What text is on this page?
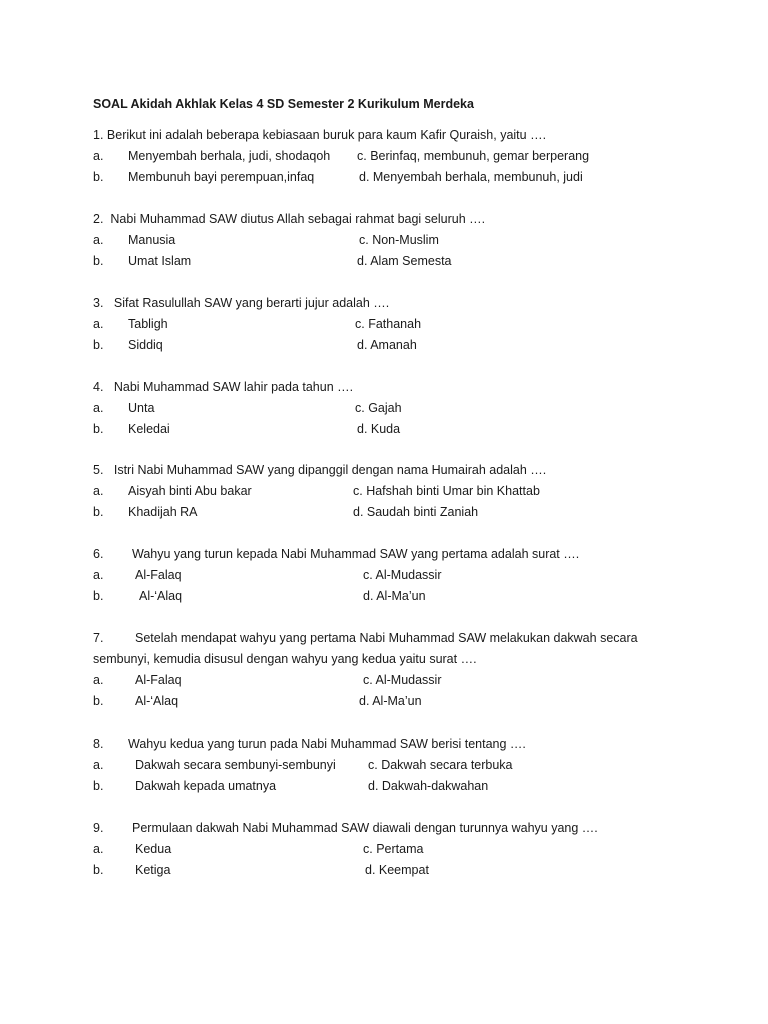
SOAL Akidah Akhlak Kelas 4 SD Semester 2 Kurikulum Merdeka
1. Berikut ini adalah beberapa kebiasaan buruk para kaum Kafir Quraish, yaitu ….
a. Menyembah berhala, judi, shodaqoh c. Berinfaq, membunuh, gemar berperang
b. Membunuh bayi perempuan,infaq	d. Menyembah berhala, membunuh, judi
2. Nabi Muhammad SAW diutus Allah sebagai rahmat bagi seluruh ….
a. Manusia	c. Non-Muslim
b. Umat Islam	d. Alam Semesta
3. Sifat Rasulullah SAW yang berarti jujur adalah ….
a. Tabligh	c. Fathanah
b. Siddiq	d. Amanah
4. Nabi Muhammad SAW lahir pada tahun ….
a. Unta	c. Gajah
b. Keledai	d. Kuda
5. Istri Nabi Muhammad SAW yang dipanggil dengan nama Humairah adalah ….
a. Aisyah binti Abu bakar	c. Hafshah binti Umar bin Khattab
b. Khadijah RA	d. Saudah binti Zaniah
6. Wahyu yang turun kepada Nabi Muhammad SAW yang pertama adalah surat ….
a.	Al-Falaq	c. Al-Mudassir
b.	Al-‘Alaq	d. Al-Ma’un
7.	Setelah mendapat wahyu yang pertama Nabi Muhammad SAW melakukan dakwah secara
sembunyi, kemudia disusul dengan wahyu yang kedua yaitu surat ….
a.	Al-Falaq	c. Al-Mudassir
b.	Al-‘Alaq	d. Al-Ma’un
8. Wahyu kedua yang turun pada Nabi Muhammad SAW berisi tentang ….
a.	Dakwah secara sembunyi-sembunyi	c. Dakwah secara terbuka
b.	Dakwah kepada umatnya	d. Dakwah-dakwahan
9. Permulaan dakwah Nabi Muhammad SAW diawali dengan turunnya wahyu yang ….
a.	Kedua	c. Pertama
b.	Ketiga	d. Keempat
